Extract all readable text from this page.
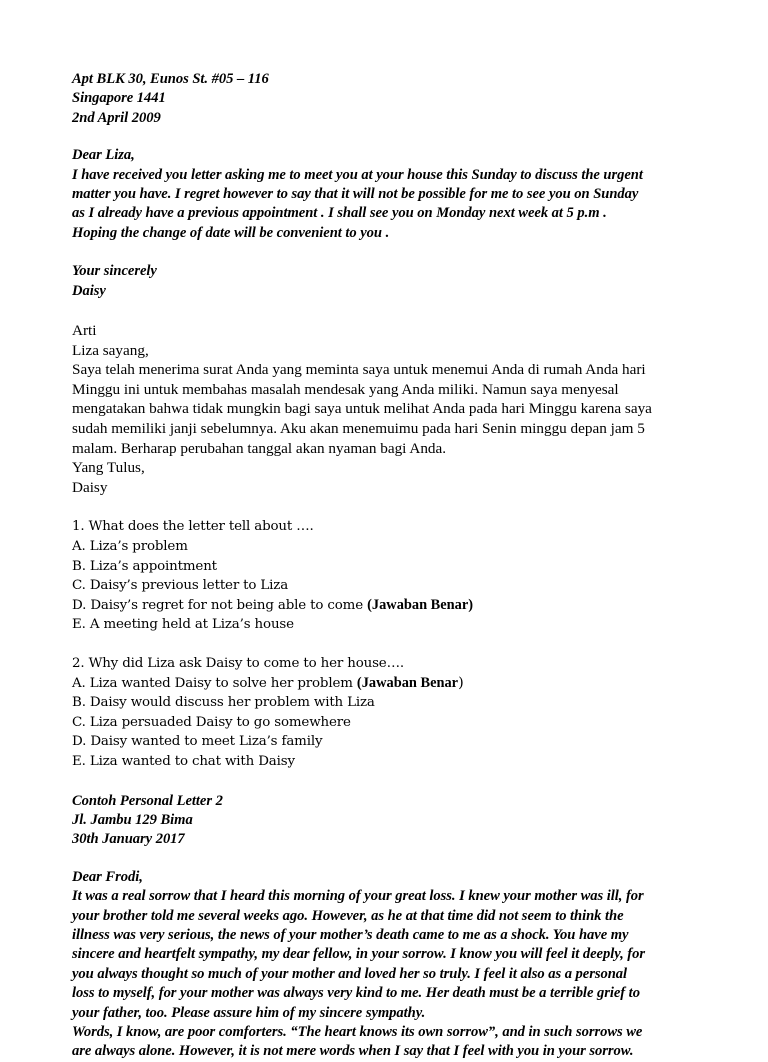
Apt BLK 30, Eunos St. #05 – 116
Singapore 1441
2nd April 2009
Dear Liza,
I have received you letter asking me to meet you at your house this Sunday to discuss the urgent
matter you have. I regret however to say that it will not be possible for me to see you on Sunday
as I already have a previous appointment . I shall see you on Monday next week at 5 p.m .
Hoping the change of date will be convenient to you .
Your sincerely
Daisy
Arti
Liza sayang,
Saya telah menerima surat Anda yang meminta saya untuk menemui Anda di rumah Anda hari
Minggu ini untuk membahas masalah mendesak yang Anda miliki. Namun saya menyesal
mengatakan bahwa tidak mungkin bagi saya untuk melihat Anda pada hari Minggu karena saya
sudah memiliki janji sebelumnya. Aku akan menemuimu pada hari Senin minggu depan jam 5
malam. Berharap perubahan tanggal akan nyaman bagi Anda.
Yang Tulus,
Daisy
1. What does the letter tell about ….
A. Liza’s problem
B. Liza’s appointment
C. Daisy’s previous letter to Liza
D. Daisy’s regret for not being able to come (Jawaban Benar)
E. A meeting held at Liza’s house
2. Why did Liza ask Daisy to come to her house….
A. Liza wanted Daisy to solve her problem (Jawaban Benar)
B. Daisy would discuss her problem with Liza
C. Liza persuaded Daisy to go somewhere
D. Daisy wanted to meet Liza’s family
E. Liza wanted to chat with Daisy
Contoh Personal Letter 2
Jl. Jambu 129 Bima
30th January 2017
Dear Frodi,
It was a real sorrow that I heard this morning of your great loss. I knew your mother was ill, for
your brother told me several weeks ago. However, as he at that time did not seem to think the
illness was very serious, the news of your mother’s death came to me as a shock. You have my
sincere and heartfelt sympathy, my dear fellow, in your sorrow. I know you will feel it deeply, for
you always thought so much of your mother and loved her so truly. I feel it also as a personal
loss to myself, for your mother was always very kind to me. Her death must be a terrible grief to
your father, too. Please assure him of my sincere sympathy.
Words, I know, are poor comforters. “The heart knows its own sorrow”, and in such sorrows we
are always alone. However, it is not mere words when I say that I feel with you in your sorrow.
